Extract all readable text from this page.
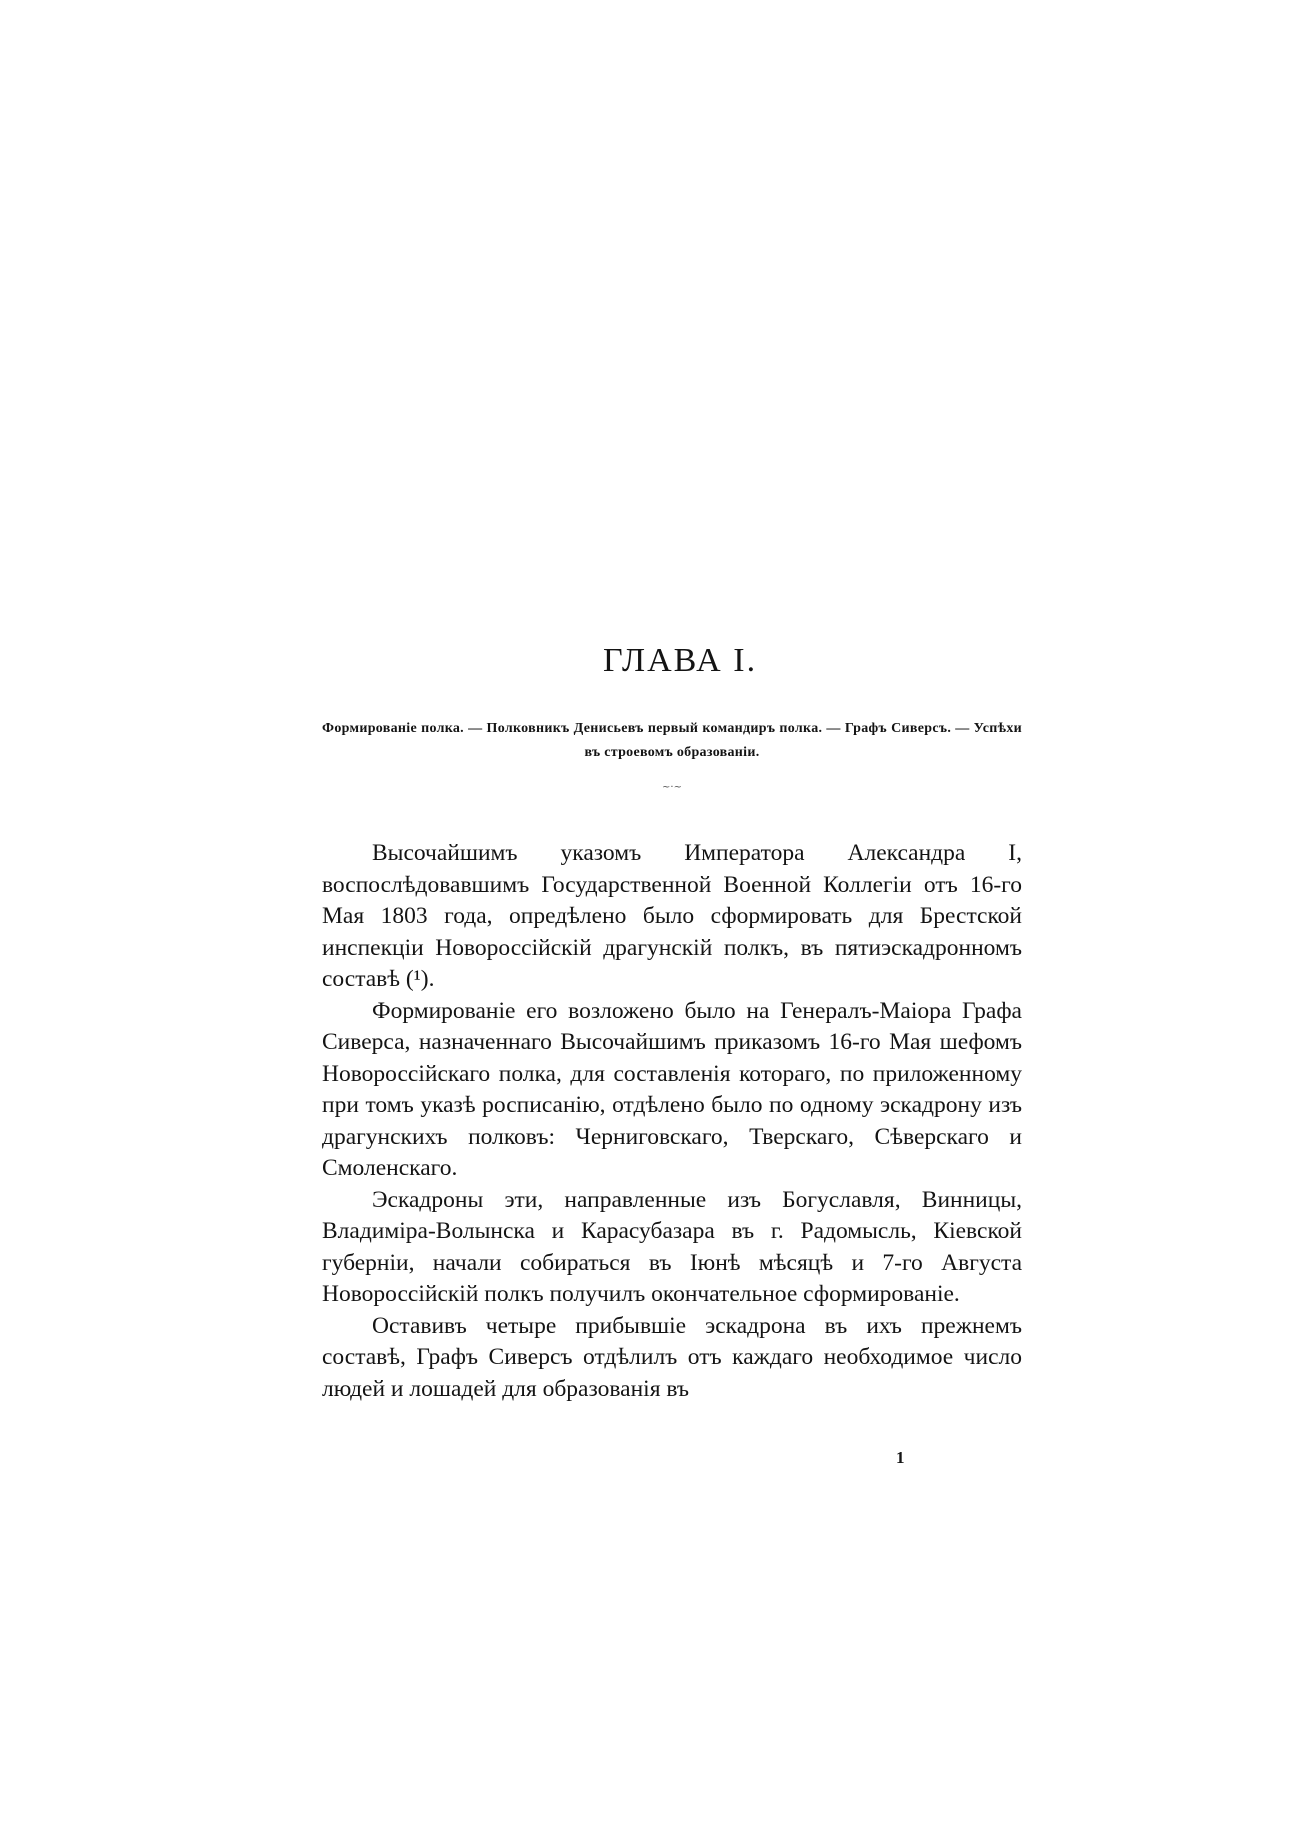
ГЛАВА I.
Формированіе полка. — Полковникъ Денисьевъ первый командиръ полка. — Графъ Сиверсъ. — Успѣхи въ строевомъ образованіи.
~·~

Высочайшимъ указомъ Императора Александра I, воспослѣдовавшимъ Государственной Военной Коллегіи отъ 16-го Мая 1803 года, опредѣлено было сформировать для Брестской инспекціи Новороссійскій драгунскій полкъ, въ пятиэскадронномъ составѣ (¹).

Формированіе его возложено было на Генералъ-Маіора Графа Сиверса, назначеннаго Высочайшимъ приказомъ 16-го Мая шефомъ Новороссійскаго полка, для составленія котораго, по приложенному при томъ указѣ росписанію, отдѣлено было по одному эскадрону изъ драгунскихъ полковъ: Черниговскаго, Тверскаго, Сѣверскаго и Смоленскаго.

Эскадроны эти, направленные изъ Богуславля, Винницы, Владиміра-Волынска и Карасубазара въ г. Радомысль, Кіевской губерніи, начали собираться въ Іюнѣ мѣсяцѣ и 7-го Августа Новороссійскій полкъ получилъ окончательное сформированіе.

Оставивъ четыре прибывшіе эскадрона въ ихъ прежнемъ составѣ, Графъ Сиверсъ отдѣлилъ отъ каждаго необходимое число людей и лошадей для образованія въ

1
